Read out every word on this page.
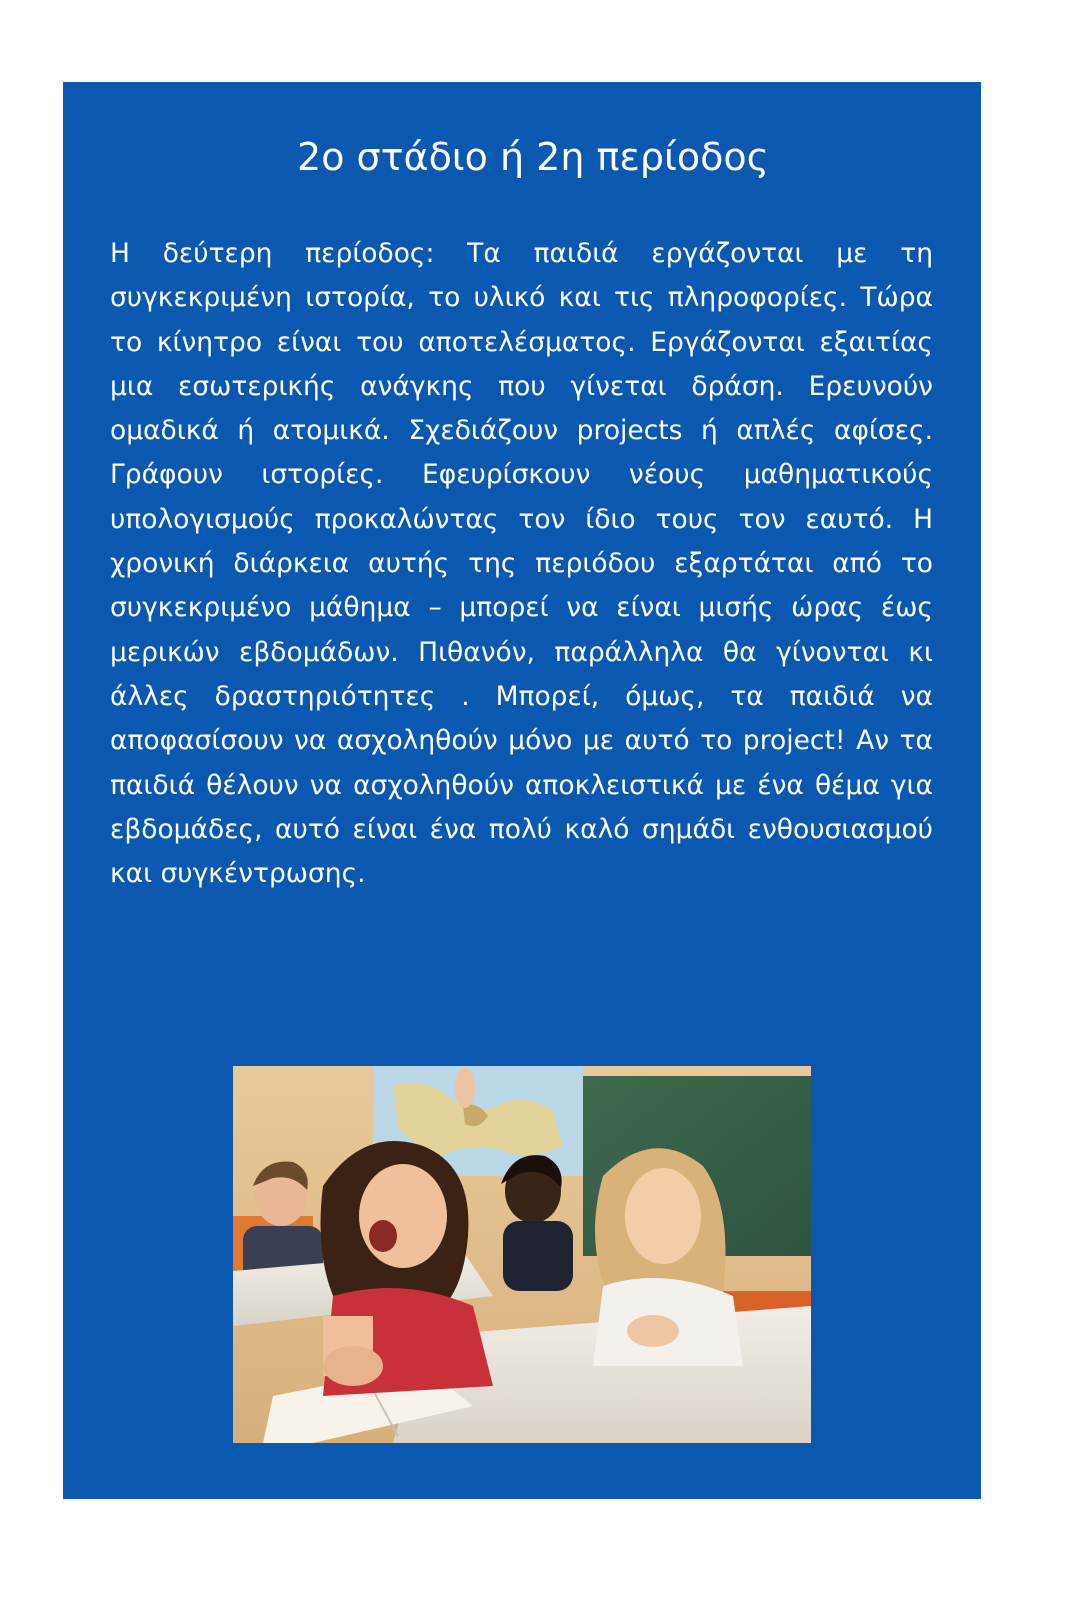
2ο στάδιο ή 2η περίοδος

Η δεύτερη περίοδος: Τα παιδιά εργάζονται με τη συγκεκριμένη ιστορία, το υλικό και τις πληροφορίες. Τώρα το κίνητρο είναι του αποτελέσματος. Εργάζονται εξαιτίας μια εσωτερικής ανάγκης που γίνεται δράση. Ερευνούν ομαδικά ή ατομικά. Σχεδιάζουν projects ή απλές αφίσες. Γράφουν ιστορίες. Εφευρίσκουν νέους μαθηματικούς υπολογισμούς προκαλώντας τον ίδιο τους τον εαυτό. Η χρονική διάρκεια αυτής της περιόδου εξαρτάται από το συγκεκριμένο μάθημα – μπορεί να είναι μισής ώρας έως μερικών εβδομάδων. Πιθανόν, παράλληλα θα γίνονται κι άλλες δραστηριότητες . Μπορεί, όμως, τα παιδιά να αποφασίσουν να ασχοληθούν μόνο με αυτό το project! Αν τα παιδιά θέλουν να ασχοληθούν αποκλειστικά με ένα θέμα για εβδομάδες, αυτό είναι ένα πολύ καλό σημάδι ενθουσιασμού και συγκέντρωσης.
